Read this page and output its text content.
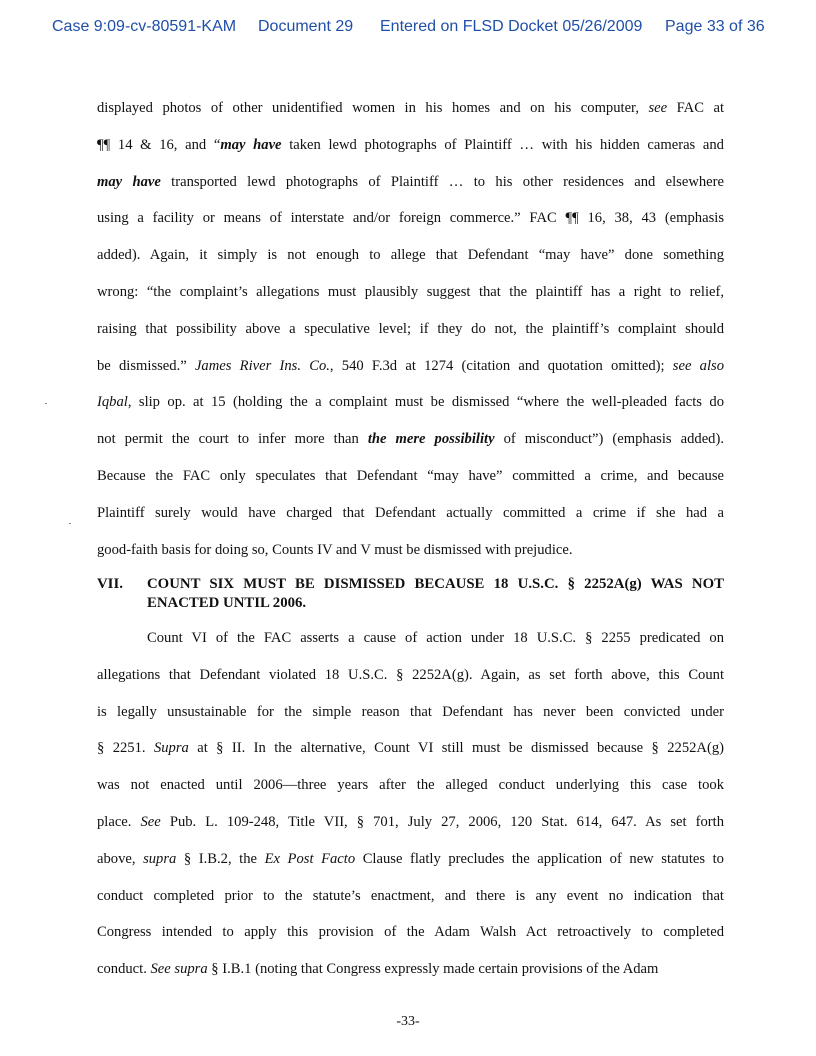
Case 9:09-cv-80591-KAM Document 29 Entered on FLSD Docket 05/26/2009 Page 33 of 36

displayed photos of other unidentified women in his homes and on his computer, see FAC at
¶¶ 14 & 16, and “may have taken lewd photographs of Plaintiff … with his hidden cameras and
may have transported lewd photographs of Plaintiff … to his other residences and elsewhere
using a facility or means of interstate and/or foreign commerce.” FAC ¶¶ 16, 38, 43 (emphasis
added). Again, it simply is not enough to allege that Defendant “may have” done something
wrong: “the complaint’s allegations must plausibly suggest that the plaintiff has a right to relief,
raising that possibility above a speculative level; if they do not, the plaintiff’s complaint should
be dismissed.” James River Ins. Co., 540 F.3d at 1274 (citation and quotation omitted); see also
Iqbal, slip op. at 15 (holding the a complaint must be dismissed “where the well-pleaded facts do
not permit the court to infer more than the mere possibility of misconduct”) (emphasis added).
Because the FAC only speculates that Defendant “may have” committed a crime, and because
Plaintiff surely would have charged that Defendant actually committed a crime if she had a
good-faith basis for doing so, Counts IV and V must be dismissed with prejudice.

VII. COUNT SIX MUST BE DISMISSED BECAUSE 18 U.S.C. § 2252A(g) WAS NOT
ENACTED UNTIL 2006.

Count VI of the FAC asserts a cause of action under 18 U.S.C. § 2255 predicated on
allegations that Defendant violated 18 U.S.C. § 2252A(g). Again, as set forth above, this Count
is legally unsustainable for the simple reason that Defendant has never been convicted under
§ 2251. Supra at § II. In the alternative, Count VI still must be dismissed because § 2252A(g)
was not enacted until 2006—three years after the alleged conduct underlying this case took
place. See Pub. L. 109-248, Title VII, § 701, July 27, 2006, 120 Stat. 614, 647. As set forth
above, supra § I.B.2, the Ex Post Facto Clause flatly precludes the application of new statutes to
conduct completed prior to the statute’s enactment, and there is any event no indication that
Congress intended to apply this provision of the Adam Walsh Act retroactively to completed
conduct. See supra § I.B.1 (noting that Congress expressly made certain provisions of the Adam

-33-
